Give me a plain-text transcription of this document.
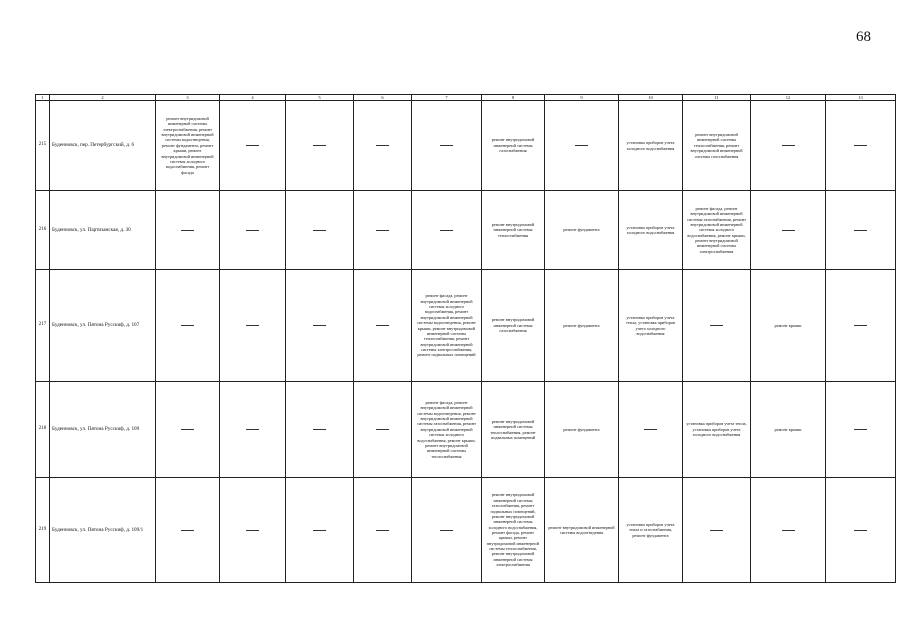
68
1	2	3	4	5	6	7	8	9	10	11	12	13
215	Буденновск, пер. Петербургский, д. 6	ремонт внутридомовой инженерной системы электроснабжения, ремонт внутридомовой инженерной системы водоотведения, ремонт фундамента, ремонт крыши, ремонт внутридомовой инженерной системы холодного водоснабжения, ремонт фасада					ремонт внутридомовой инженерной системы газоснабжения		установка приборов учета холодного водоснабжения	ремонт внутридомовой инженерной системы теплоснабжения, ремонт внутридомовой инженерной системы газоснабжения		

216	Буденновск, ул. Партизанская, д. 30						ремонт внутридомовой инженерной системы теплоснабжения	ремонт фундамента	установка приборов учета холодного водоснабжения	ремонт фасада, ремонт внутридомовой инженерной системы газоснабжения, ремонт внутридомовой инженерной системы холодного водоснабжения, ремонт крыши, ремонт внутридомовой инженерной системы электроснабжения		

217	Буденновск, ул. Пятона Русскиф, д. 107					ремонт фасада, ремонт внутридомовой инженерной системы холодного водоснабжения, ремонт внутридомовой инженерной системы водоотведения, ремонт крыши, ремонт внутридомовой инженерной системы теплоснабжения, ремонт внутридомовой инженерной системы электроснабжения, ремонт подвальных помещений	ремонт внутридомовой инженерной системы газоснабжения	ремонт фундамента	установка приборов учета тепла, установка приборов учета холодного водоснабжения		ремонт крыши	

218	Буденновск, ул. Пятона Русскиф, д. 109					ремонт фасада, ремонт внутридомовой инженерной системы водоотведения, ремонт внутридомовой инженерной системы газоснабжения, ремонт внутридомовой инженерной системы холодного водоснабжения, ремонт крыши, ремонт внутридомовой инженерной системы теплоснабжения	ремонт внутридомовой инженерной системы теплоснабжения, ремонт подвальных помещений	ремонт фундамента		установка приборов учета тепла, установка приборов учета холодного водоснабжения	ремонт крыши	

219	Буденновск, ул. Пятона Русскиф, д. 109/1						ремонт внутридомовой инженерной системы газоснабжения, ремонт подвальных помещений, ремонт внутридомовой инженерной системы холодного водоснабжения, ремонт фасада, ремонт крыши, ремонт внутридомовой инженерной системы теплоснабжения, ремонт внутридомовой инженерной системы электроснабжения	ремонт внутридомовой инженерной системы водоотведения	установка приборов учета тепла и газоснабжения, ремонт фундамента			
